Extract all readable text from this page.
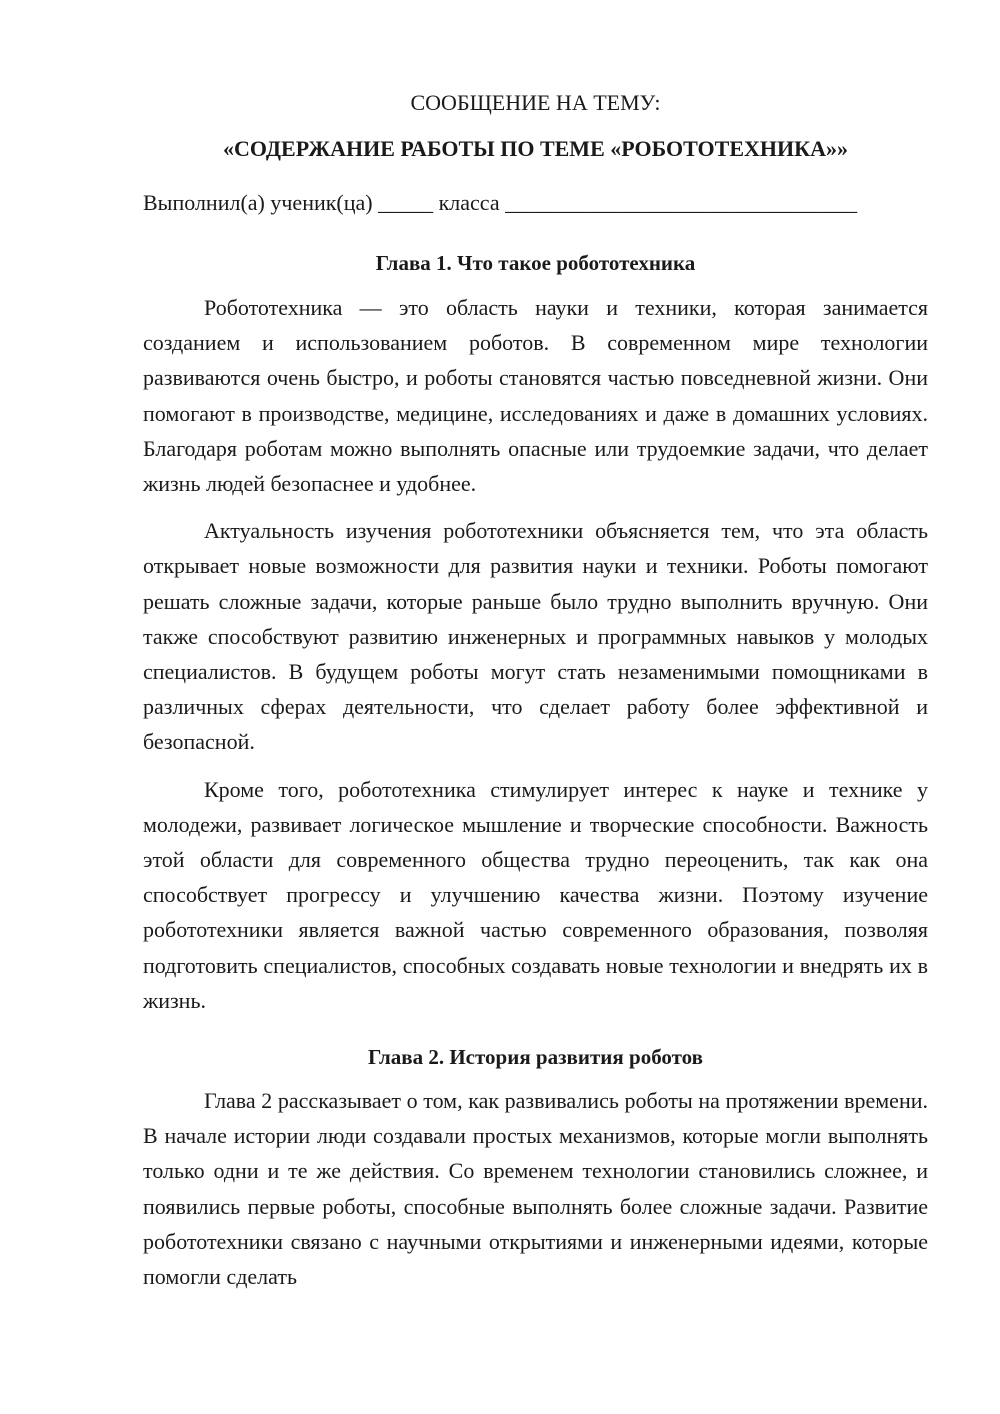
СООБЩЕНИЕ НА ТЕМУ:

«СОДЕРЖАНИЕ РАБОТЫ ПО ТЕМЕ «РОБОТОТЕХНИКА»»

Выполнил(а) ученик(ца) _____ класса ________________________________
Глава 1. Что такое робототехника

Робототехника — это область науки и техники, которая занимается созданием и использованием роботов. В современном мире технологии развиваются очень быстро, и роботы становятся частью повседневной жизни. Они помогают в производстве, медицине, исследованиях и даже в домашних условиях. Благодаря роботам можно выполнять опасные или трудоемкие задачи, что делает жизнь людей безопаснее и удобнее.

Актуальность изучения робототехники объясняется тем, что эта область открывает новые возможности для развития науки и техники. Роботы помогают решать сложные задачи, которые раньше было трудно выполнить вручную. Они также способствуют развитию инженерных и программных навыков у молодых специалистов. В будущем роботы могут стать незаменимыми помощниками в различных сферах деятельности, что сделает работу более эффективной и безопасной.

Кроме того, робототехника стимулирует интерес к науке и технике у молодежи, развивает логическое мышление и творческие способности. Важность этой области для современного общества трудно переоценить, так как она способствует прогрессу и улучшению качества жизни. Поэтому изучение робототехники является важной частью современного образования, позволяя подготовить специалистов, способных создавать новые технологии и внедрять их в жизнь.

Глава 2. История развития роботов

Глава 2 рассказывает о том, как развивались роботы на протяжении времени. В начале истории люди создавали простых механизмов, которые могли выполнять только одни и те же действия. Со временем технологии становились сложнее, и появились первые роботы, способные выполнять более сложные задачи. Развитие робототехники связано с научными открытиями и инженерными идеями, которые помогли сделать
